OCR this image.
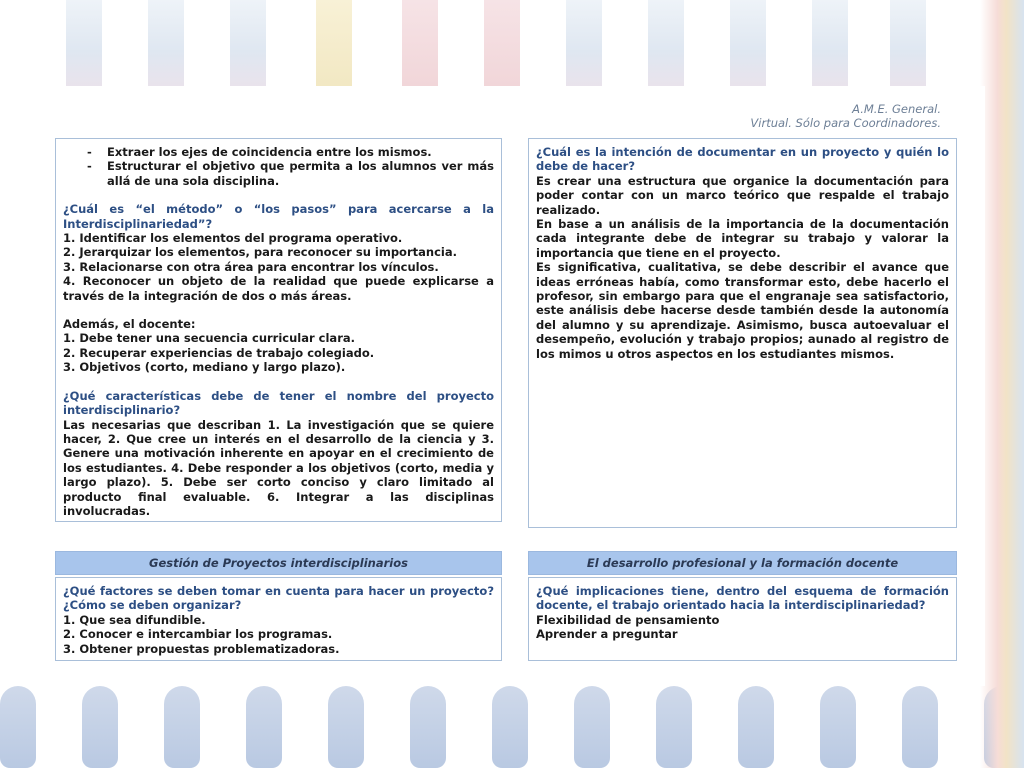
A.M.E. General.
Virtual. Sólo para Coordinadores.
- Extraer los ejes de coincidencia entre los mismos.
- Estructurar el objetivo que permita a los alumnos ver más allá de una sola disciplina.

¿Cuál es “el método” o “los pasos” para acercarse a la Interdisciplinariedad”?

1. Identificar los elementos del programa operativo.

2. Jerarquizar los elementos, para reconocer su importancia.

3. Relacionarse con otra área para encontrar los vínculos.

4. Reconocer un objeto de la realidad que puede explicarse a través de la integración de dos o más áreas.

Además, el docente:

1. Debe tener una secuencia curricular clara.

2. Recuperar experiencias de trabajo colegiado.

3. Objetivos (corto, mediano y largo plazo).

¿Qué características debe de tener el nombre del proyecto interdisciplinario?

Las necesarias que describan 1. La investigación que se quiere hacer, 2. Que cree un interés en el desarrollo de la ciencia y 3. Genere una motivación inherente en apoyar en el crecimiento de los estudiantes. 4. Debe responder a los objetivos (corto, media y largo plazo). 5. Debe ser corto conciso y claro limitado al producto final evaluable. 6. Integrar a las disciplinas involucradas.

¿Cuál es la intención de documentar en un proyecto y quién lo debe de hacer?

Es crear una estructura que organice la documentación para poder contar con un marco teórico que respalde el trabajo realizado.

En base a un análisis de la importancia de la documentación cada integrante debe de integrar su trabajo y valorar la importancia que tiene en el proyecto.

Es significativa, cualitativa, se debe describir el avance que ideas erróneas había, como transformar esto, debe hacerlo el profesor, sin embargo para que el engranaje sea satisfactorio, este análisis debe hacerse desde también desde la autonomía del alumno y su aprendizaje. Asimismo, busca autoevaluar el desempeño, evolución y trabajo propios; aunado al registro de los mimos u otros aspectos en los estudiantes mismos.

Gestión de Proyectos interdisciplinarios

¿Qué factores se deben tomar en cuenta para hacer un proyecto? ¿Cómo se deben organizar?

1. Que sea difundible.

2. Conocer e intercambiar los programas.

3. Obtener propuestas problematizadoras.

El desarrollo profesional y la formación docente

¿Qué implicaciones tiene, dentro del esquema de formación docente, el trabajo orientado hacia la interdisciplinariedad?

Flexibilidad de pensamiento

Aprender a preguntar
